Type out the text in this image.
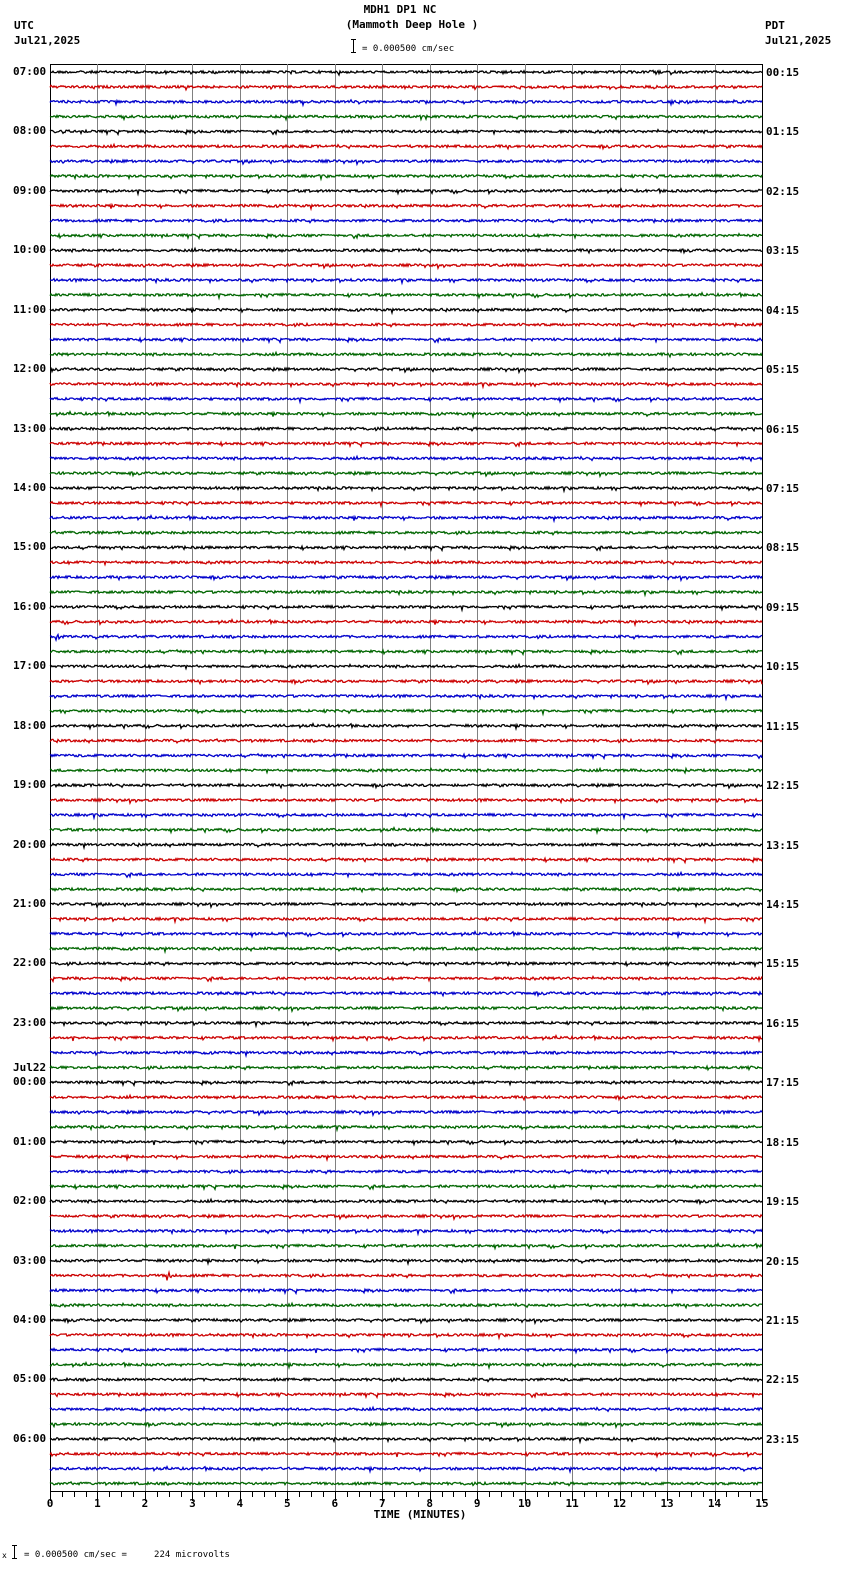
MDH1 DP1 NC
(Mammoth Deep Hole )
= 0.000500 cm/sec
UTC
Jul21,2025
PDT
Jul21,2025
07:00
08:00
09:00
10:00
11:00
12:00
13:00
14:00
15:00
16:00
17:00
18:00
19:00
20:00
21:00
22:00
23:00
00:00
Jul22
01:00
02:00
03:00
04:00
05:00
06:00
00:15
01:15
02:15
03:15
04:15
05:15
06:15
07:15
08:15
09:15
10:15
11:15
12:15
13:15
14:15
15:15
16:15
17:15
18:15
19:15
20:15
21:15
22:15
23:15
0	1	2	3	4	5	6	7	8	9	10	11	12	13	14	15
TIME (MINUTES)
x = 0.000500 cm/sec =     224 microvolts
